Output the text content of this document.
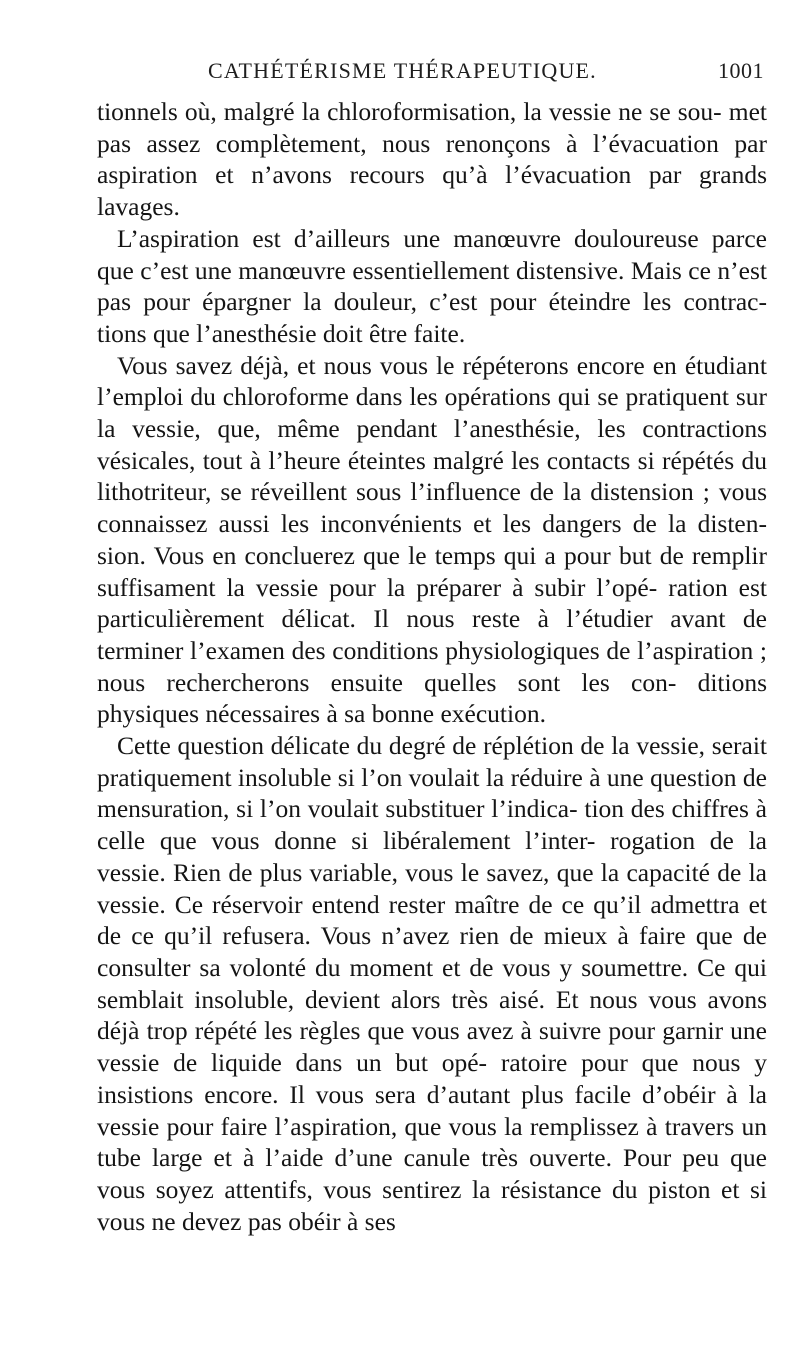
CATHÉTÉRISME THÉRAPEUTIQUE.	1001

tionnels où, malgré la chloroformisation, la vessie ne se sou- met pas assez complètement, nous renonçons à l’évacuation par aspiration et n’avons recours qu’à l’évacuation par grands lavages.

L’aspiration est d’ailleurs une manœuvre douloureuse parce que c’est une manœuvre essentiellement distensive. Mais ce n’est pas pour épargner la douleur, c’est pour éteindre les contrac- tions que l’anesthésie doit être faite.

Vous savez déjà, et nous vous le répéterons encore en étudiant l’emploi du chloroforme dans les opérations qui se pratiquent sur la vessie, que, même pendant l’anesthésie, les contractions vésicales, tout à l’heure éteintes malgré les contacts si répétés du lithotriteur, se réveillent sous l’influence de la distension ; vous connaissez aussi les inconvénients et les dangers de la disten- sion. Vous en concluerez que le temps qui a pour but de remplir suffisament la vessie pour la préparer à subir l’opé- ration est particulièrement délicat. Il nous reste à l’étudier avant de terminer l’examen des conditions physiologiques de l’aspiration ; nous rechercherons ensuite quelles sont les con- ditions physiques nécessaires à sa bonne exécution.

Cette question délicate du degré de réplétion de la vessie, serait pratiquement insoluble si l’on voulait la réduire à une question de mensuration, si l’on voulait substituer l’indica- tion des chiffres à celle que vous donne si libéralement l’inter- rogation de la vessie. Rien de plus variable, vous le savez, que la capacité de la vessie. Ce réservoir entend rester maître de ce qu’il admettra et de ce qu’il refusera. Vous n’avez rien de mieux à faire que de consulter sa volonté du moment et de vous y soumettre. Ce qui semblait insoluble, devient alors très aisé. Et nous vous avons déjà trop répété les règles que vous avez à suivre pour garnir une vessie de liquide dans un but opé- ratoire pour que nous y insistions encore. Il vous sera d’autant plus facile d’obéir à la vessie pour faire l’aspiration, que vous la remplissez à travers un tube large et à l’aide d’une canule très ouverte. Pour peu que vous soyez attentifs, vous sentirez la résistance du piston et si vous ne devez pas obéir à ses
